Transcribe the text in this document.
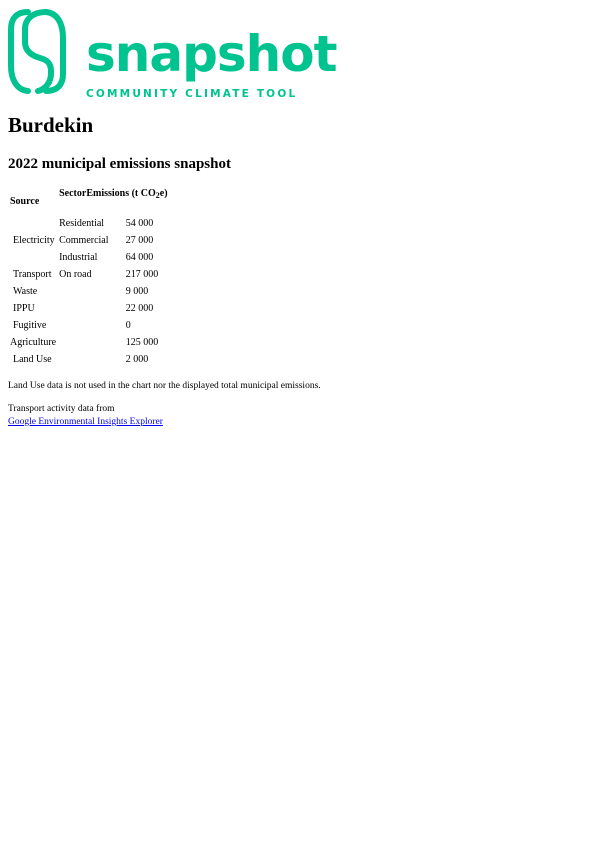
snapshot
COMMUNITY CLIMATE TOOL
Burdekin
2022 municipal emissions snapshot
Source	SectorEmissions (t $CO_2e$)	
Electricity	Residential	54 000
	Commercial	27 000
	Industrial	64 000
Transport	On road	217 000
Waste		9 000
IPPU		22 000
Fugitive		0
Agriculture		125 000
Land Use		2 000
Land Use data is not used in the chart nor the displayed total municipal emissions.
Transport activity data from
Google Environmental Insights Explorer
